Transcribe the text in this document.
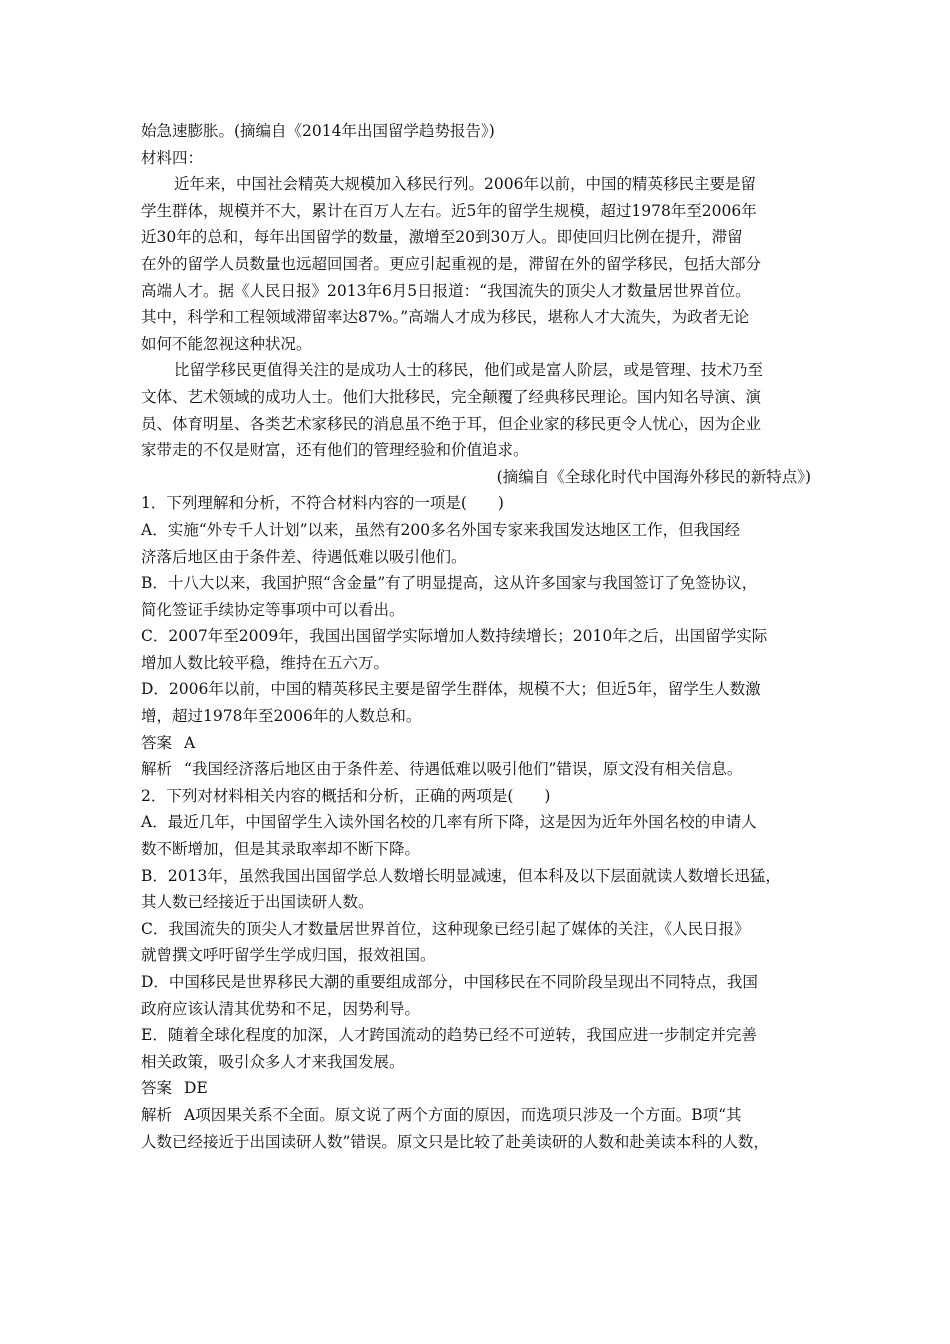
始急速膨胀。(摘编自《2014年出国留学趋势报告》)

材料四：

近年来，中国社会精英大规模加入移民行列。2006年以前，中国的精英移民主要是留

学生群体，规模并不大，累计在百万人左右。近5年的留学生规模，超过1978年至2006年

近30年的总和，每年出国留学的数量，激增至20到30万人。即使回归比例在提升，滞留

在外的留学人员数量也远超回国者。更应引起重视的是，滞留在外的留学移民，包括大部分

高端人才。据《人民日报》2013年6月5日报道：“我国流失的顶尖人才数量居世界首位。

其中，科学和工程领域滞留率达87%。”高端人才成为移民，堪称人才大流失，为政者无论

如何不能忽视这种状况。

比留学移民更值得关注的是成功人士的移民，他们或是富人阶层，或是管理、技术乃至

文体、艺术领域的成功人士。他们大批移民，完全颠覆了经典移民理论。国内知名导演、演

员、体育明星、各类艺术家移民的消息虽不绝于耳，但企业家的移民更令人忧心，因为企业

家带走的不仅是财富，还有他们的管理经验和价值追求。

(摘编自《全球化时代中国海外移民的新特点》)

1．下列理解和分析，不符合材料内容的一项是(　　)

A．实施“外专千人计划”以来，虽然有200多名外国专家来我国发达地区工作，但我国经

济落后地区由于条件差、待遇低难以吸引他们。

B．十八大以来，我国护照“含金量”有了明显提高，这从许多国家与我国签订了免签协议，

简化签证手续协定等事项中可以看出。

C．2007年至2009年，我国出国留学实际增加人数持续增长；2010年之后，出国留学实际

增加人数比较平稳，维持在五六万。

D．2006年以前，中国的精英移民主要是留学生群体，规模不大；但近5年，留学生人数激

增，超过1978年至2006年的人数总和。

答案 A

解析 “我国经济落后地区由于条件差、待遇低难以吸引他们”错误，原文没有相关信息。

2．下列对材料相关内容的概括和分析，正确的两项是(　　)

A．最近几年，中国留学生入读外国名校的几率有所下降，这是因为近年外国名校的申请人

数不断增加，但是其录取率却不断下降。

B．2013年，虽然我国出国留学总人数增长明显减速，但本科及以下层面就读人数增长迅猛，

其人数已经接近于出国读研人数。

C．我国流失的顶尖人才数量居世界首位，这种现象已经引起了媒体的关注，《人民日报》

就曾撰文呼吁留学生学成归国，报效祖国。

D．中国移民是世界移民大潮的重要组成部分，中国移民在不同阶段呈现出不同特点，我国

政府应该认清其优势和不足，因势利导。

E．随着全球化程度的加深，人才跨国流动的趋势已经不可逆转，我国应进一步制定并完善

相关政策，吸引众多人才来我国发展。

答案 DE

解析 A项因果关系不全面。原文说了两个方面的原因，而选项只涉及一个方面。B项“其

人数已经接近于出国读研人数”错误。原文只是比较了赴美读研的人数和赴美读本科的人数，
